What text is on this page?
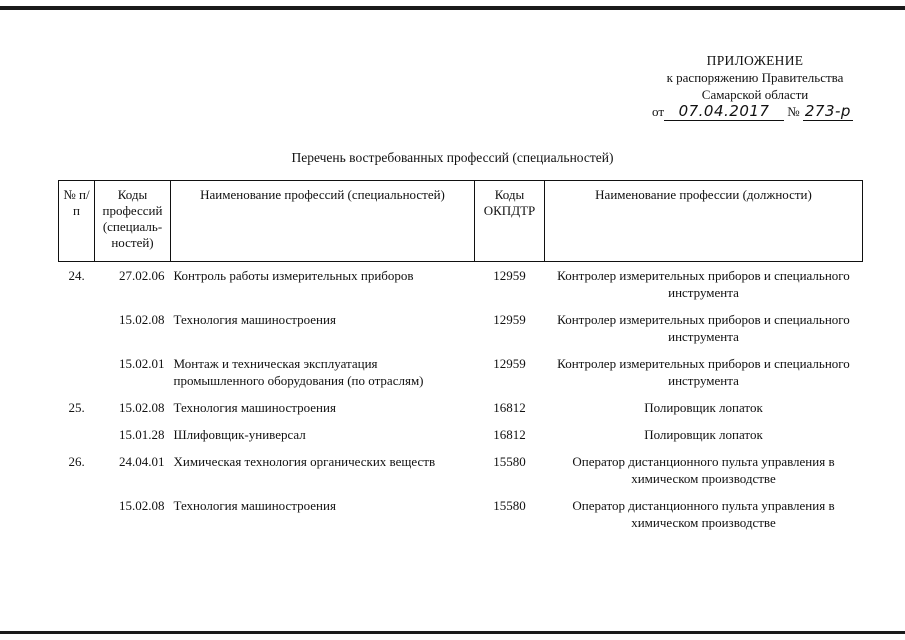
ПРИЛОЖЕНИЕ
к распоряжению Правительства
Самарской области
от 07.04.2017 № 273-р
Перечень востребованных профессий (специальностей)
№ п/п	Коды профессий (специаль-ностей)	Наименование профессий (специальностей)	Коды ОКПДТР	Наименование профессии (должности)
24.	27.02.06	Контроль работы измерительных приборов	12959	Контролер измерительных приборов и специального инструмента
	15.02.08	Технология машиностроения	12959	Контролер измерительных приборов и специального инструмента
	15.02.01	Монтаж и техническая эксплуатация промышленного оборудования (по отраслям)	12959	Контролер измерительных приборов и специального инструмента
25.	15.02.08	Технология машиностроения	16812	Полировщик лопаток
	15.01.28	Шлифовщик-универсал	16812	Полировщик лопаток
26.	24.04.01	Химическая технология органических веществ	15580	Оператор дистанционного пульта управления в химическом производстве
	15.02.08	Технология машиностроения	15580	Оператор дистанционного пульта управления в химическом производстве
